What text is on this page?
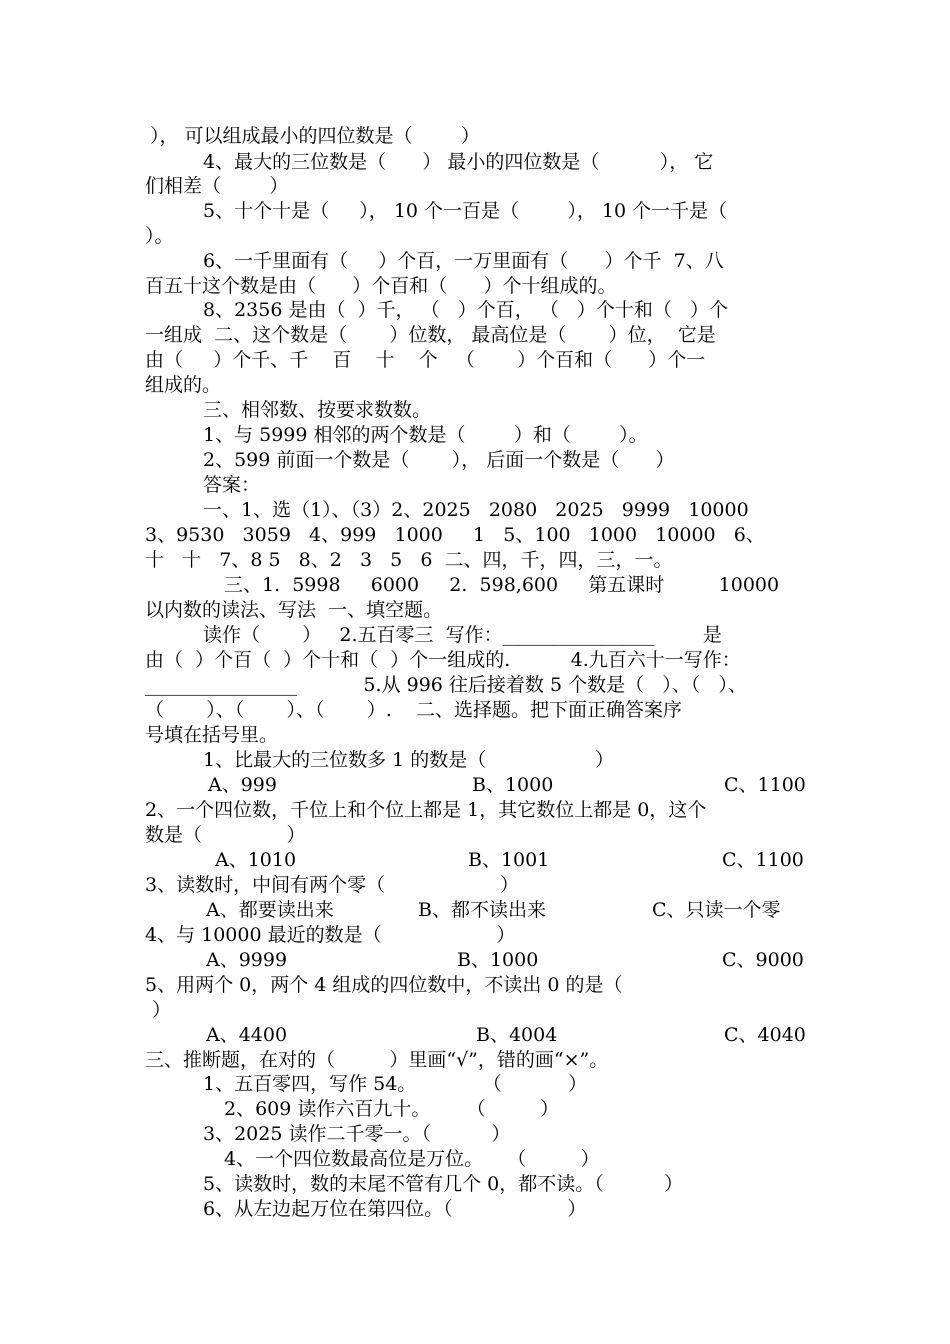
）， 可以组成最小的四位数是（        ）
4、最大的三位数是（      ） 最小的四位数是（          ）， 它
们相差（        ）
5、十个十是（     ）， 10 个一百是（        ）， 10 个一千是（
）。
6、一千里面有（     ）个百，一万里面有（      ）个千  7、八
百五十这个数是由（      ）个百和（      ）个十组成的。
8、2356 是由（  ）千， （   ）个百， （   ）个十和（   ）个
一组成  二、这个数是（       ）位数， 最高位是（       ）位，  它是
由（     ）个千、千    百    十    个   （       ）个百和（      ）个一
组成的。
三、相邻数、按要求数数。
1、与 5999 相邻的两个数是（        ）和（        ）。
2、599 前面一个数是（       ）， 后面一个数是（      ）
答案：
一、1、选（1）、（3）2、2025   2080   2025   9999   10000
3、9530   3059   4、999   1000     1   5、100   1000   10000   6、
十   十   7、8 5   8、2   3   5   6  二、四，千，四，三，一。
三、1.  5998     6000     2.  598,600     第五课时         10000
以内数的读法、写法  一、填空题。
读作（       ）   2.五百零三  写作：________________        是
由（  ）个百（  ）个十和（  ）个一组成的.          4.九百六十一写作：
________________           5.从 996 往后接着数 5 个数是（   ）、（   ）、
（       ）、（       ）、（       ）.    二、选择题。把下面正确答案序
号填在括号里。
1、比最大的三位数多 1 的数是（                  ）
A、999	B、1000	C、1100
2、一个四位数，千位上和个位上都是 1，其它数位上都是 0，这个
数是（              ）
A、1010	B、1001	C、1100
3、读数时，中间有两个零（                   ）
A、都要读出来	B、都不读出来	C、只读一个零
4、与 10000 最近的数是（                   ）
A、9999	B、1000	C、9000
5、用两个 0，两个 4 组成的四位数中，不读出 0 的是（
）
A、4400	B、4004	C、4040
三、推断题，在对的（         ）里画“√”，错的画“×”。
1、五百零四，写作 54。           （           ）
2、609 读作六百九十。      （         ）
3、2025 读作二千零一。（          ）
4、一个四位数最高位是万位。    （         ）
5、读数时，数的末尾不管有几个 0，都不读。（          ）
6、从左边起万位在第四位。（                   ）
